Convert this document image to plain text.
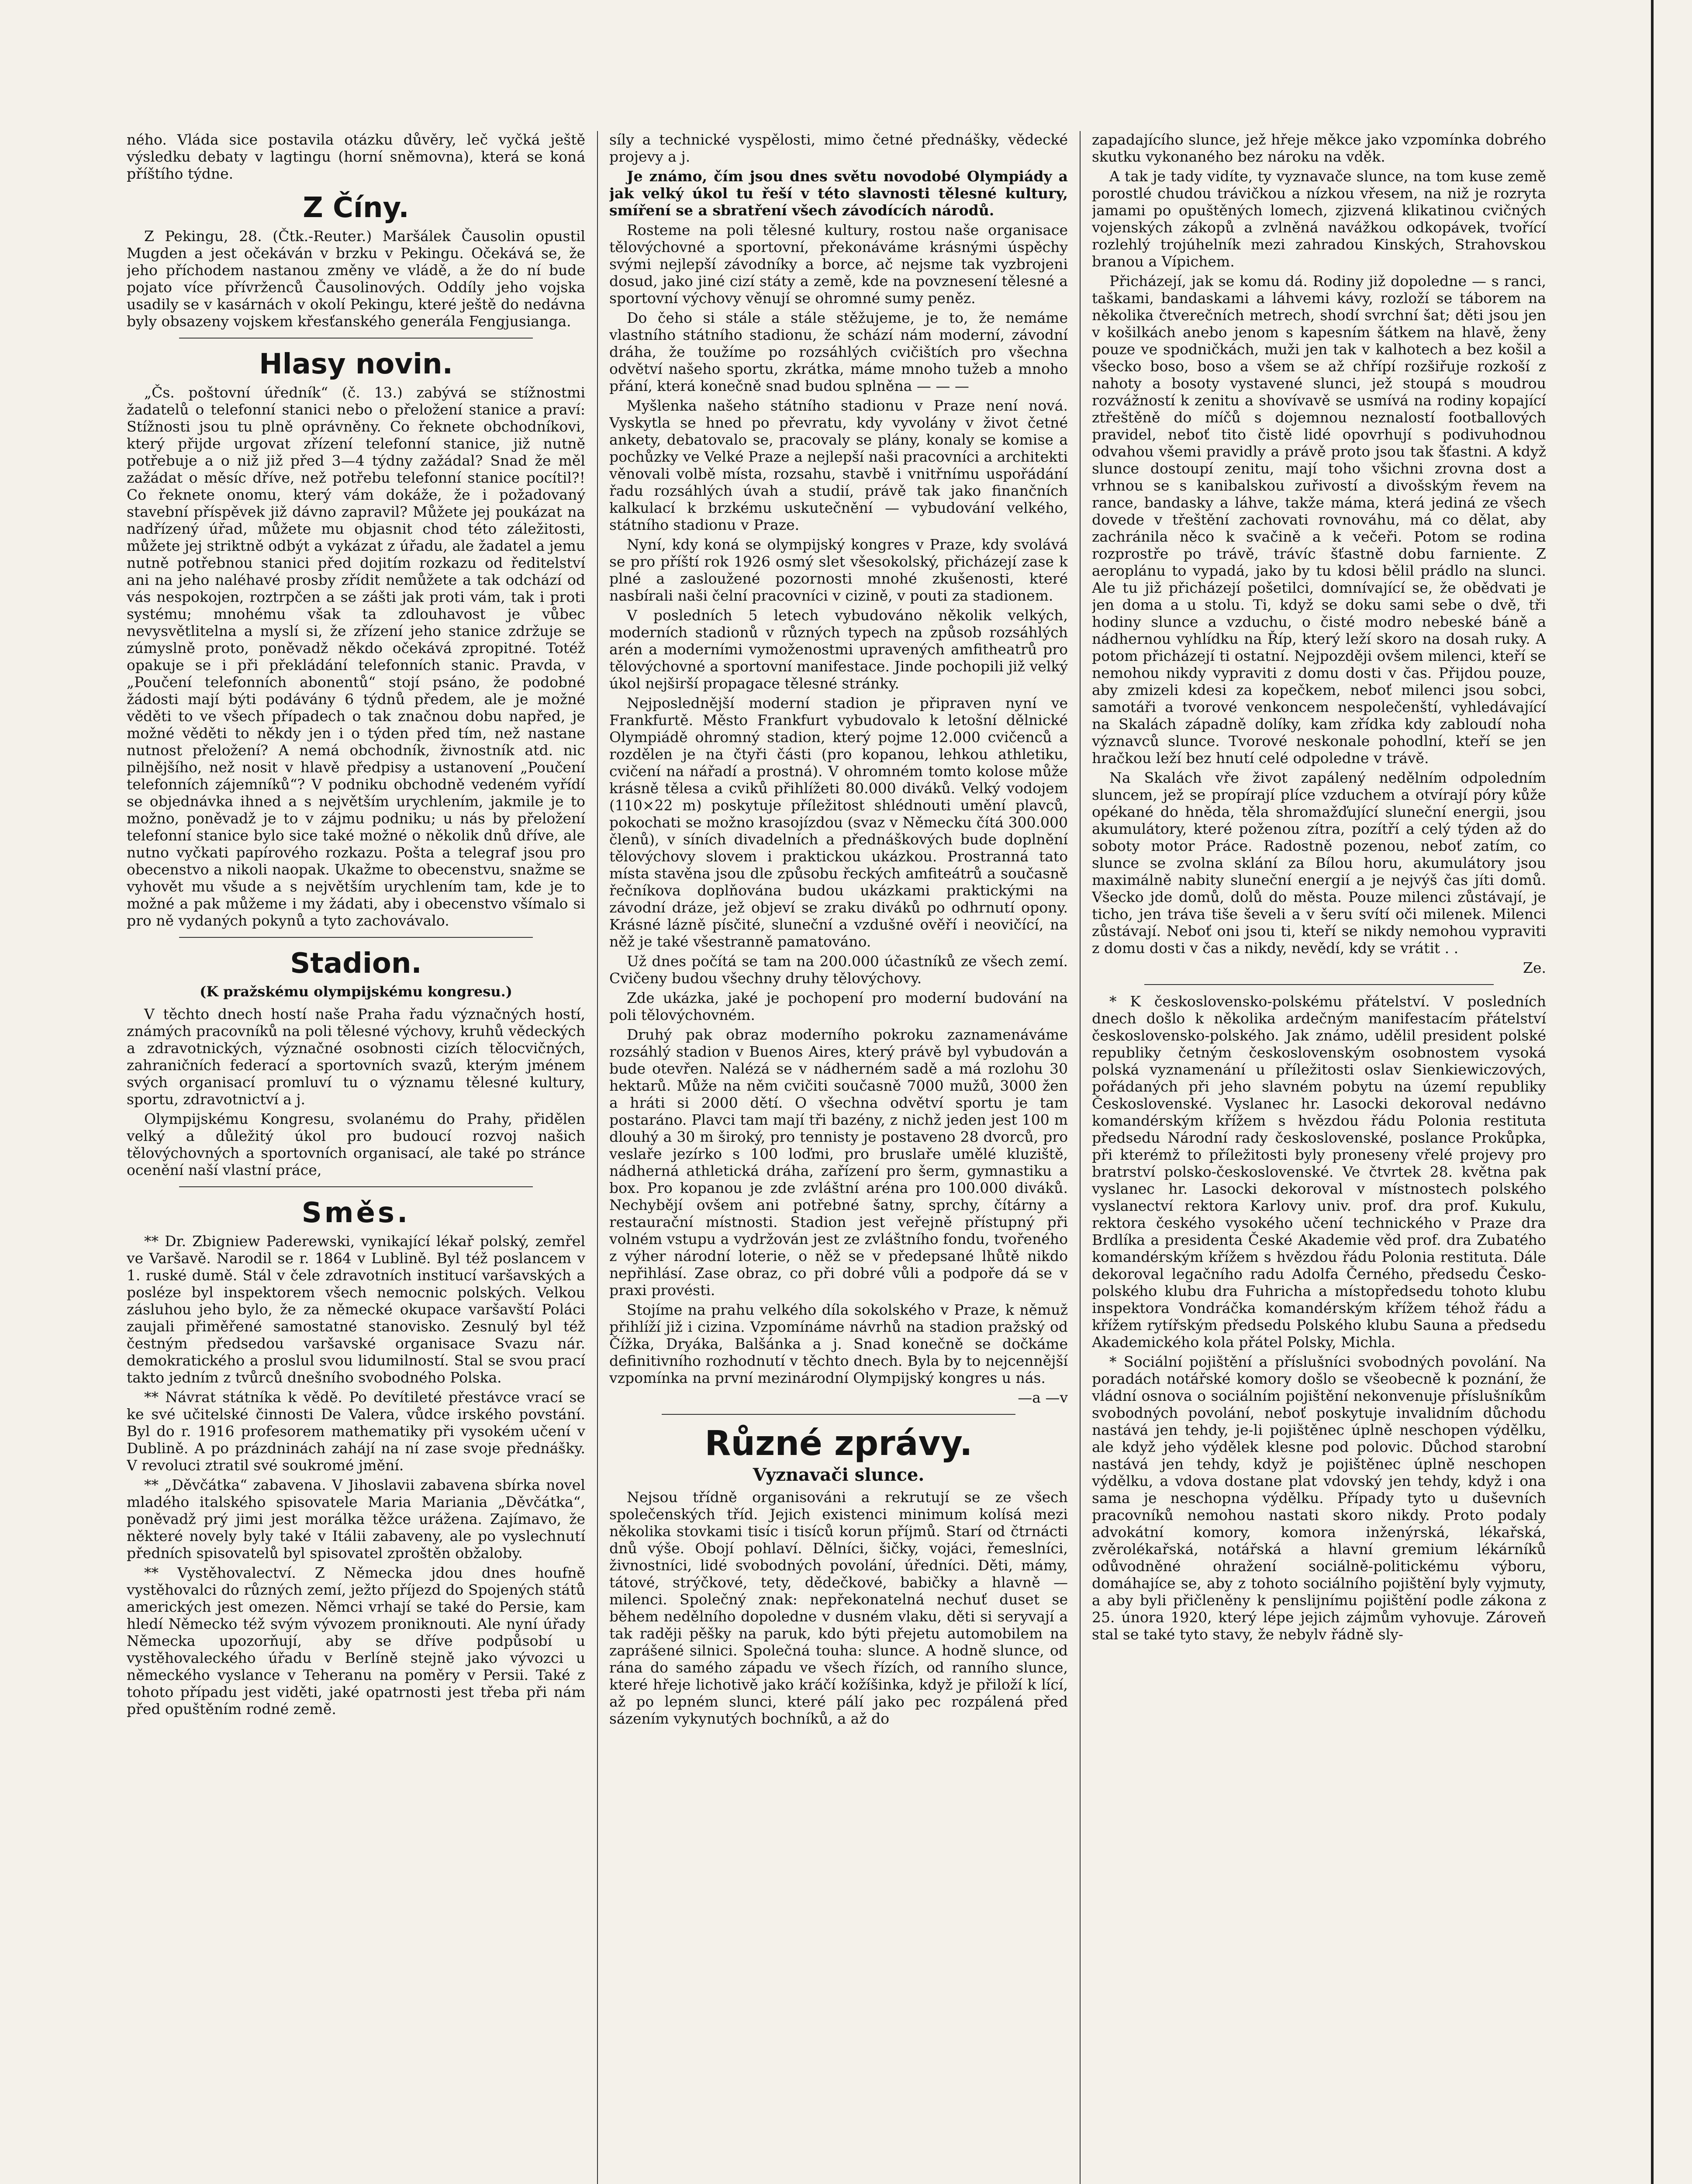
ného. Vláda sice postavila otázku důvěry, leč vyčká ještě výsledku debaty v lagtingu (horní sněmovna), která se koná příštího týdne.

Z Číny.

Z Pekingu, 28. (Čtk.-Reuter.) Maršálek Čausolin opustil Mugden a jest očekáván v brzku v Pekingu. Očekává se, že jeho příchodem nastanou změny ve vládě, a že do ní bude pojato více přívrženců Čausolinových. Oddíly jeho vojska usadily se v kasárnách v okolí Pekingu, které ještě do nedávna byly obsazeny vojskem křesťanského generála Fengjusianga.

Hlasy novin.

„Čs. poštovní úředník“ (č. 13.) zabývá se stížnostmi žadatelů o telefonní stanici nebo o přeložení stanice a praví: Stížnosti jsou tu plně oprávněny. Co řeknete obchodníkovi, který přijde urgovat zřízení telefonní stanice, již nutně potřebuje a o niž již před 3—4 týdny zažádal? Snad že měl zažádat o měsíc dříve, než potřebu telefonní stanice pocítil?! Co řeknete onomu, který vám dokáže, že i požadovaný stavební příspěvek již dávno zapravil? Můžete jej poukázat na nadřízený úřad, můžete mu objasnit chod této záležitosti, můžete jej striktně odbýt a vykázat z úřadu, ale žadatel a jemu nutně potřebnou stanici před dojitím rozkazu od ředitelství ani na jeho naléhavé prosby zřídit nemůžete a tak odchází od vás nespokojen, roztrpčen a se zášti jak proti vám, tak i proti systému; mnohému však ta zdlouhavost je vůbec nevysvětlitelna a myslí si, že zřízení jeho stanice zdržuje se zúmyslně proto, poněvadž někdo očekává zpropitné. Totéž opakuje se i při překládání telefonních stanic. Pravda, v „Poučení telefonních abonentů“ stojí psáno, že podobné žádosti mají býti podávány 6 týdnů předem, ale je možné věděti to ve všech případech o tak značnou dobu napřed, je možné věděti to někdy jen i o týden před tím, než nastane nutnost přeložení? A nemá obchodník, živnostník atd. nic pilnějšího, než nosit v hlavě předpisy a ustanovení „Poučení telefonních zájemníků“? V podniku obchodně vedeném vyřídí se objednávka ihned a s největším urychlením, jakmile je to možno, poněvadž je to v zájmu podniku; u nás by přeložení telefonní stanice bylo sice také možné o několik dnů dříve, ale nutno vyčkati papírového rozkazu. Pošta a telegraf jsou pro obecenstvo a nikoli naopak. Ukažme to obecenstvu, snažme se vyhovět mu všude a s největším urychlením tam, kde je to možné a pak můžeme i my žádati, aby i obecenstvo všímalo si pro ně vydaných pokynů a tyto zachovávalo.

Stadion.
(K pražskému olympijskému kongresu.)

V těchto dnech hostí naše Praha řadu význačných hostí, známých pracovníků na poli tělesné výchovy, kruhů vědeckých a zdravotnických, význačné osobnosti cizích tělocvičných, zahraničních federací a sportovních svazů, kterým jménem svých organisací promluví tu o významu tělesné kultury, sportu, zdravotnictví a j.

Olympijskému Kongresu, svolanému do Prahy, přidělen velký a důležitý úkol pro budoucí rozvoj našich tělovýchovných a sportovních organisací, ale také po stránce ocenění naší vlastní práce,

Směs.

** Dr. Zbigniew Paderewski, vynikající lékař polský, zemřel ve Varšavě. Narodil se r. 1864 v Lublině. Byl též poslancem v 1. ruské dumě. Stál v čele zdravotních institucí varšavských a posléze byl inspektorem všech nemocnic polských. Velkou zásluhou jeho bylo, že za německé okupace varšavští Poláci zaujali přiměřené samostatné stanovisko. Zesnulý byl též čestným předsedou varšavské organisace Svazu nár. demokratického a proslul svou lidumilností. Stal se svou prací takto jedním z tvůrců dnešního svobodného Polska.

** Návrat státníka k vědě. Po devítileté přestávce vrací se ke své učitelské činnosti De Valera, vůdce irského povstání. Byl do r. 1916 profesorem mathematiky při vysokém učení v Dublině. A po prázdninách zahájí na ní zase svoje přednášky. V revoluci ztratil své soukromé jmění.

** „Děvčátka“ zabavena. V Jihoslavii zabavena sbírka novel mladého italského spisovatele Maria Mariania „Děvčátka“, poněvadž prý jimi jest morálka těžce urážena. Zajímavo, že některé novely byly také v Itálii zabaveny, ale po vyslechnutí předních spisovatelů byl spisovatel zproštěn obžaloby.

** Vystěhovalectví. Z Německa jdou dnes houfně vystěhovalci do různých zemí, ježto příjezd do Spojených států amerických jest omezen. Němci vrhají se také do Persie, kam hledí Německo též svým vývozem proniknouti. Ale nyní úřady Německa upozorňují, aby se dříve podpůsobí u vystěhovaleckého úřadu v Berlíně stejně jako vývozci u německého vyslance v Teheranu na poměry v Persii. Také z tohoto případu jest viděti, jaké opatrnosti jest třeba při nám před opuštěním rodné země.

síly a technické vyspělosti, mimo četné přednášky, vědecké projevy a j.

Je známo, čím jsou dnes světu novodobé Olympiády a jak velký úkol tu řeší v této slavnosti tělesné kultury, smíření se a sbratření všech závodících národů.

Rosteme na poli tělesné kultury, rostou naše organisace tělovýchovné a sportovní, překonáváme krásnými úspěchy svými nejlepší závodníky a borce, ač nejsme tak vyzbrojeni dosud, jako jiné cizí státy a země, kde na povznesení tělesné a sportovní výchovy věnují se ohromné sumy peněz.

Do čeho si stále a stále stěžujeme, je to, že nemáme vlastního státního stadionu, že schází nám moderní, závodní dráha, že toužíme po rozsáhlých cvičištích pro všechna odvětví našeho sportu, zkrátka, máme mnoho tužeb a mnoho přání, která konečně snad budou splněna — — —

Myšlenka našeho státního stadionu v Praze není nová. Vyskytla se hned po převratu, kdy vyvolány v život četné ankety, debatovalo se, pracovaly se plány, konaly se komise a pochůzky ve Velké Praze a nejlepší naši pracovníci a architekti věnovali volbě místa, rozsahu, stavbě i vnitřnímu uspořádání řadu rozsáhlých úvah a studií, právě tak jako finančních kalkulací k brzkému uskutečnění — vybudování velkého, státního stadionu v Praze.

Nyní, kdy koná se olympijský kongres v Praze, kdy svolává se pro příští rok 1926 osmý slet všesokolský, přicházejí zase k plné a zasloužené pozornosti mnohé zkušenosti, které nasbírali naši čelní pracovníci v cizině, v pouti za stadionem.

V posledních 5 letech vybudováno několik velkých, moderních stadionů v různých typech na způsob rozsáhlých arén a moderními vymoženostmi upravených amfitheatrů pro tělovýchovné a sportovní manifestace. Jinde pochopili již velký úkol nejširší propagace tělesné stránky.

Nejposlednější moderní stadion je připraven nyní ve Frankfurtě. Město Frankfurt vybudovalo k letošní dělnické Olympiádě ohromný stadion, který pojme 12.000 cvičenců a rozdělen je na čtyři části (pro kopanou, lehkou athletiku, cvičení na nářadí a prostná). V ohromném tomto kolose může krásně tělesa a cviků přihlížeti 80.000 diváků. Velký vodojem (110×22 m) poskytuje příležitost shlédnouti umění plavců, pokochati se možno krasojízdou (svaz v Německu čítá 300.000 členů), v síních divadelních a přednáškových bude doplnění tělovýchovy slovem i praktickou ukázkou. Prostranná tato místa stavěna jsou dle způsobu řeckých amfiteátrů a současně řečníkova doplňována budou ukázkami praktickými na závodní dráze, jež objeví se zraku diváků po odhrnutí opony. Krásné lázně písčité, sluneční a vzdušné ověří i neovičící, na něž je také všestranně pamatováno.

Už dnes počítá se tam na 200.000 účastníků ze všech zemí. Cvičeny budou všechny druhy tělovýchovy.

Zde ukázka, jaké je pochopení pro moderní budování na poli tělovýchovném.

Druhý pak obraz moderního pokroku zaznamenáváme rozsáhlý stadion v Buenos Aires, který právě byl vybudován a bude otevřen. Nalézá se v nádherném sadě a má rozlohu 30 hektarů. Může na něm cvičiti současně 7000 mužů, 3000 žen a hráti si 2000 dětí. O všechna odvětví sportu je tam postaráno. Plavci tam mají tři bazény, z nichž jeden jest 100 m dlouhý a 30 m široký, pro tennisty je postaveno 28 dvorců, pro veslaře jezírko s 100 loďmi, pro bruslaře umělé kluziště, nádherná athletická dráha, zařízení pro šerm, gymnastiku a box. Pro kopanou je zde zvláštní aréna pro 100.000 diváků. Nechybějí ovšem ani potřebné šatny, sprchy, čítárny a restaurační místnosti. Stadion jest veřejně přístupný při volném vstupu a vydržován jest ze zvláštního fondu, tvořeného z výher národní loterie, o něž se v předepsané lhůtě nikdo nepřihlásí. Zase obraz, co při dobré vůli a podpoře dá se v praxi provésti.

Stojíme na prahu velkého díla sokolského v Praze, k němuž přihlíží již i cizina. Vzpomínáme návrhů na stadion pražský od Čížka, Dryáka, Balšánka a j. Snad konečně se dočkáme definitivního rozhodnutí v těchto dnech. Byla by to nejcennější vzpomínka na první mezinárodní Olympijský kongres u nás.

—a —v

Různé zprávy.
Vyznavači slunce.

Nejsou třídně organisováni a rekrutují se ze všech společenských tříd. Jejich existenci minimum kolísá mezi několika stovkami tisíc i tisíců korun příjmů. Starí od čtrnácti dnů výše. Obojí pohlaví. Dělníci, šičky, vojáci, řemeslníci, živnostníci, lidé svobodných povolání, úředníci. Děti, mámy, tátové, strýčkové, tety, dědečkové, babičky a hlavně — milenci. Společný znak: nepřekonatelná nechuť duset se během nedělního dopoledne v dusném vlaku, děti si seryvají a tak raději pěšky na paruk, kdo býti přejetu automobilem na zaprášené silnici. Společná touha: slunce. A hodně slunce, od rána do samého západu ve všech řízích, od ranního slunce, které hřeje lichotivě jako kráčí kožíšinka, když je přiloží k lící, až po lepném slunci, které pálí jako pec rozpálená před sázením vykynutých bochníků, a až do

zapadajícího slunce, jež hřeje měkce jako vzpomínka dobrého skutku vykonaného bez nároku na vděk.

A tak je tady vidíte, ty vyznavače slunce, na tom kuse země porostlé chudou trávičkou a nízkou vřesem, na niž je rozryta jamami po opuštěných lomech, zjizvená klikatinou cvičných vojenských zákopů a zvlněná navážkou odkopávek, tvořící rozlehlý trojúhelník mezi zahradou Kinských, Strahovskou branou a Vípichem.

Přicházejí, jak se komu dá. Rodiny již dopoledne — s ranci, taškami, bandaskami a láhvemi kávy, rozloží se táborem na několika čtverečních metrech, shodí svrchní šat; děti jsou jen v košilkách anebo jenom s kapesním šátkem na hlavě, ženy pouze ve spodničkách, muži jen tak v kalhotech a bez košil a všecko boso, boso a všem se až chřípí rozšiřuje rozkoší z nahoty a bosoty vystavené slunci, jež stoupá s moudrou rozvážností k zenitu a shovívavě se usmívá na rodiny kopající ztřeštěně do míčů s dojemnou neznalostí footballových pravidel, neboť tito čistě lidé opovrhují s podivuhodnou odvahou všemi pravidly a právě proto jsou tak šťastni. A když slunce dostoupí zenitu, mají toho všichni zrovna dost a vrhnou se s kanibalskou zuřivostí a divošským řevem na rance, bandasky a láhve, takže máma, která jediná ze všech dovede v třeštění zachovati rovnováhu, má co dělat, aby zachránila něco k svačině a k večeři. Potom se rodina rozprostře po trávě, trávíc šťastně dobu farniente. Z aeroplánu to vypadá, jako by tu kdosi bělil prádlo na slunci. Ale tu již přicházejí pošetilci, domnívající se, že obědvati je jen doma a u stolu. Ti, když se doku sami sebe o dvě, tři hodiny slunce a vzduchu, o čisté modro nebeské báně a nádhernou vyhlídku na Říp, který leží skoro na dosah ruky. A potom přicházejí ti ostatní. Nejpozději ovšem milenci, kteří se nemohou nikdy vypraviti z domu dosti v čas. Přijdou pouze, aby zmizeli kdesi za kopečkem, neboť milenci jsou sobci, samotáři a tvorové venkoncem nespolečenští, vyhledávající na Skalách západně dolíky, kam zřídka kdy zabloudí noha význavců slunce. Tvorové neskonale pohodlní, kteří se jen hračkou leží bez hnutí celé odpoledne v trávě.

Na Skalách vře život zapálený nedělním odpoledním sluncem, jež se propírají plíce vzduchem a otvírají póry kůže opékané do hněda, těla shromažďující sluneční energii, jsou akumulátory, které poženou zítra, pozítří a celý týden až do soboty motor Práce. Radostně pozenou, neboť zatím, co slunce se zvolna sklání za Bílou horu, akumulátory jsou maximálně nabity sluneční energií a je nejvýš čas jíti domů. Všecko jde domů, dolů do města. Pouze milenci zůstávají, je ticho, jen tráva tiše ševeli a v šeru svítí oči milenek. Milenci zůstávají. Neboť oni jsou ti, kteří se nikdy nemohou vypraviti z domu dosti v čas a nikdy, nevědí, kdy se vrátit . .

Ze.

* K československo-polskému přátelství. V posledních dnech došlo k několika ardečným manifestacím přátelství československo-polského. Jak známo, udělil president polské republiky četným československým osobnostem vysoká polská vyznamenání u příležitosti oslav Sienkiewiczových, pořádaných při jeho slavném pobytu na území republiky Československé. Vyslanec hr. Lasocki dekoroval nedávno komandérským křížem s hvězdou řádu Polonia restituta předsedu Národní rady československé, poslance Prokůpka, při kterémž to příležitosti byly proneseny vřelé projevy pro bratrství polsko-československé. Ve čtvrtek 28. května pak vyslanec hr. Lasocki dekoroval v místnostech polského vyslanectví rektora Karlovy univ. prof. dra prof. Kukulu, rektora českého vysokého učení technického v Praze dra Brdlíka a presidenta České Akademie věd prof. dra Zubatého komandérským křížem s hvězdou řádu Polonia restituta. Dále dekoroval legačního radu Adolfa Černého, předsedu Česko-polského klubu dra Fuhricha a místopředsedu tohoto klubu inspektora Vondráčka komandérským křížem téhož řádu a křížem rytířským předsedu Polského klubu Sauna a předsedu Akademického kola přátel Polsky, Michla.

* Sociální pojištění a příslušníci svobodných povolání. Na poradách notářské komory došlo se všeobecně k poznání, že vládní osnova o sociálním pojištění nekonvenuje příslušníkům svobodných povolání, neboť poskytuje invalidním důchodu nastává jen tehdy, je-li pojištěnec úplně neschopen výdělku, ale když jeho výdělek klesne pod polovic. Důchod starobní nastává jen tehdy, když je pojištěnec úplně neschopen výdělku, a vdova dostane plat vdovský jen tehdy, když i ona sama je neschopna výdělku. Případy tyto u duševních pracovníků nemohou nastati skoro nikdy. Proto podaly advokátní komory, komora inženýrská, lékařská, zvěrolékařská, notářská a hlavní gremium lékárníků odůvodněné ohražení sociálně-politickému výboru, domáhajíce se, aby z tohoto sociálního pojištění byly vyjmuty, a aby byli přičleněny k penslijnímu pojištění podle zákona z 25. února 1920, který lépe jejich zájmům vyhovuje. Zároveň stal se také tyto stavy, že nebylv řádně sly-
